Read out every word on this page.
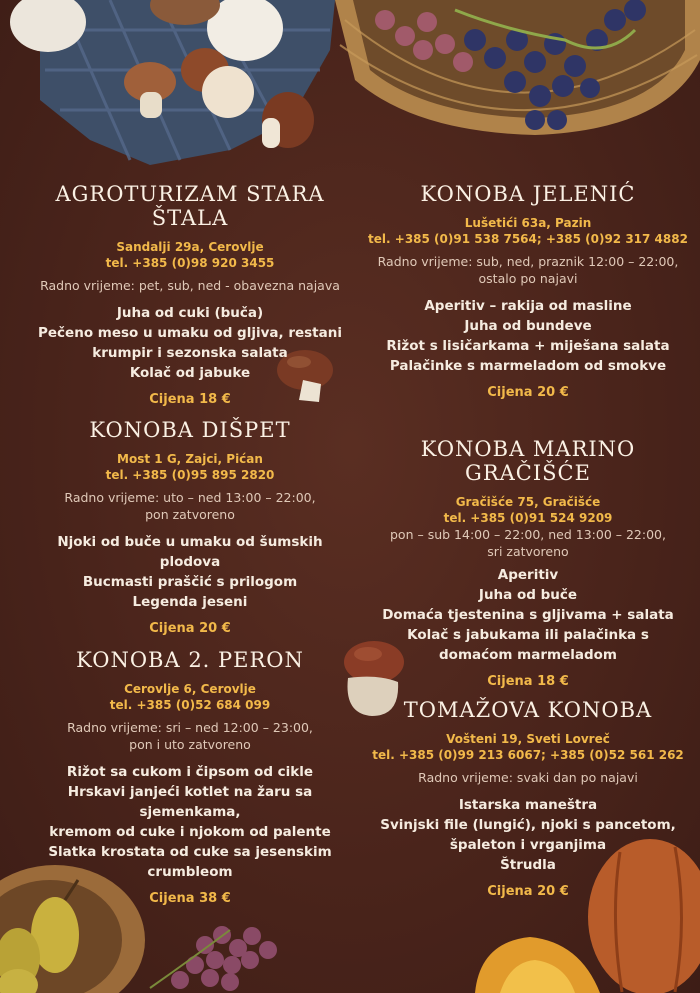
AGROTURIZAM STARA ŠTALA
Sandalji 29a, Cerovlje
tel. +385 (0)98 920 3455
Radno vrijeme: pet, sub, ned - obavezna najava
Juha od cuki (buča)
Pečeno meso u umaku od gljiva, restani
krumpir i sezonska salata
Kolač od jabuke
Cijena 18 €
KONOBA JELENIĆ
Lušetići 63a, Pazin
tel. +385 (0)91 538 7564; +385 (0)92 317 4882
Radno vrijeme: sub, ned, praznik 12:00 – 22:00,
ostalo po najavi
Aperitiv – rakija od masline
Juha od bundeve
Rižot s lisičarkama + miješana salata
Palačinke s marmeladom od smokve
Cijena 20 €
KONOBA DIŠPET
Most 1 G, Zajci, Pićan
tel. +385 (0)95 895 2820
Radno vrijeme: uto – ned 13:00 – 22:00,
pon zatvoreno
Njoki od buče u umaku od šumskih plodova
Bucmasti praščić s prilogom
Legenda jeseni
Cijena 20 €
KONOBA MARINO GRAČIŠĆE
Gračišće 75, Gračišće
tel. +385 (0)91 524 9209
pon – sub 14:00 – 22:00, ned 13:00 – 22:00,
sri zatvoreno
Aperitiv
Juha od buče
Domaća tjestenina s gljivama + salata
Kolač s jabukama ili palačinka s
domaćom marmeladom
Cijena 18 €
KONOBA 2. PERON
Cerovlje 6, Cerovlje
tel. +385 (0)52 684 099
Radno vrijeme: sri – ned 12:00 – 23:00,
pon i uto zatvoreno
Rižot sa cukom i čipsom od cikle
Hrskavi janjeći kotlet na žaru sa sjemenkama,
kremom od cuke i njokom od palente
Slatka krostata od cuke sa jesenskim
crumbleom
Cijena 38 €
TOMAŽOVA KONOBA
Vošteni 19, Sveti Lovreč
tel. +385 (0)99 213 6067; +385 (0)52 561 262
Radno vrijeme: svaki dan po najavi
Istarska maneštra
Svinjski file (lungić), njoki s pancetom,
špaleton i vrganjima
Štrudla
Cijena 20 €
